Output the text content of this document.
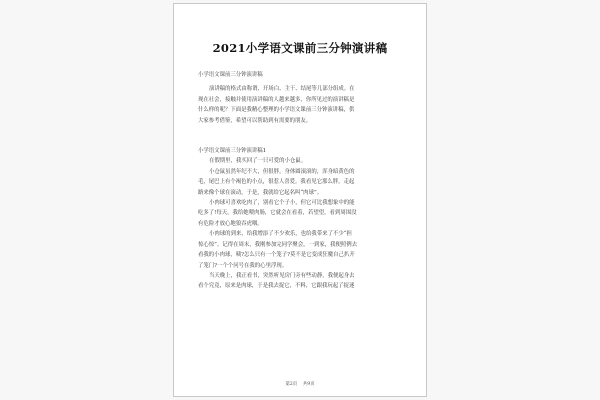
2021小学语文课前三分钟演讲稿

小学语文课前三分钟演讲稿

演讲稿的格式由称谓、开场白、主干、结尾等几部分组成。在

现在社会，接触并使用演讲稿的人越来越多，你所见过的演讲稿是

什么样的呢？下面是我精心整理的小学语文课前三分钟演讲稿，供

大家参考借鉴，希望可以帮助到有需要的朋友。

小学语文课前三分钟演讲稿1

在假期里，我买回了一只可爱的小仓鼠。

小仓鼠虽然年纪不大，但很胖，身体圆滚滚的，浑身暗黄色的

毛，尾巴上有个褐色的小点，很惹人喜爱。我看见它那么胖，走起

路来像个球在滚动，于是，我就给它起名叫“肉球”。

小肉球可喜欢吃肉了，别看它个子小，但它可比我想象中的能

吃多了!每天，我给她喂肉肠，它就会在看着，若望望，看到周围没

有危险才放心地狼吞虎咽。

小肉球的到来，给我增添了不少欢乐，也给我带来了不少“担

惊心惊”。记得在周末，我刚参加完同学聚会，一到家，我便照例去

看我的小肉球，咦?怎么只有一个笼子?莫不是它变成狂魔自己扒开

了笼门?一个个问号在我的心里浮现。

当天晚上，我正看书，突然听见房门旁有些动静，我便起身去

看个究竟，原来是肉球，于是我去捉它，不料，它跟我玩起了捉迷

第2页 共9页
